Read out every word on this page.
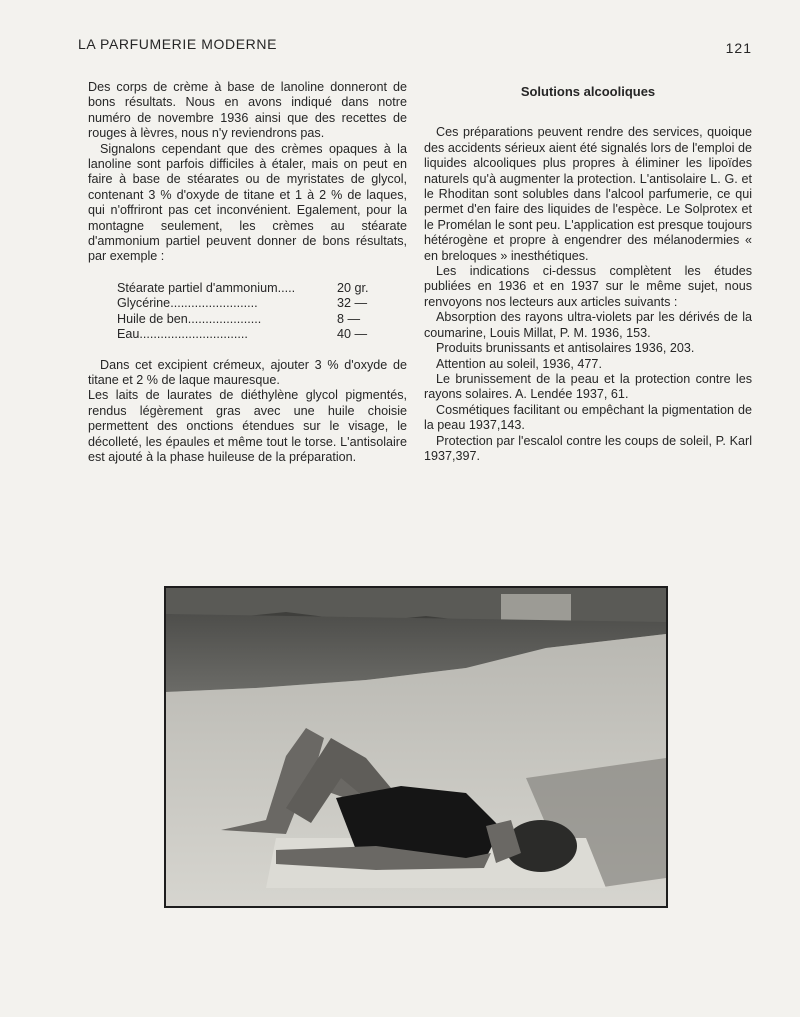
LA PARFUMERIE MODERNE	121

Des corps de crème à base de lanoline donneront de bons résultats. Nous en avons indiqué dans notre numéro de novembre 1936 ainsi que des recettes de rouges à lèvres, nous n'y reviendrons pas.

Signalons cependant que des crèmes opaques à la lanoline sont parfois difficiles à étaler, mais on peut en faire à base de stéarates ou de myristates de glycol, contenant 3 % d'oxyde de titane et 1 à 2 % de laques, qui n'offriront pas cet inconvénient. Egalement, pour la montagne seulement, les crèmes au stéarate d'ammonium partiel peuvent donner de bons résultats, par exemple :

Stéarate partiel d'ammonium.....	20 gr.
Glycérine.........................	32 —
Huile de ben.....................	8 —
Eau...............................	40 —

Dans cet excipient crémeux, ajouter 3 % d'oxyde de titane et 2 % de laque mauresque.

Les laits de laurates de diéthylène glycol pigmentés, rendus légèrement gras avec une huile choisie permettent des onctions étendues sur le visage, le décolleté, les épaules et même tout le torse. L'antisolaire est ajouté à la phase huileuse de la préparation.

Solutions alcooliques

Ces préparations peuvent rendre des services, quoique des accidents sérieux aient été signalés lors de l'emploi de liquides alcooliques plus propres à éliminer les lipoïdes naturels qu'à augmenter la protection. L'antisolaire L. G. et le Rhoditan sont solubles dans l'alcool parfumerie, ce qui permet d'en faire des liquides de l'espèce. Le Solprotex et le Promélan le sont peu. L'application est presque toujours hétérogène et propre à engendrer des mélanodermies « en breloques » inesthétiques.

Les indications ci-dessus complètent les études publiées en 1936 et en 1937 sur le même sujet, nous renvoyons nos lecteurs aux articles suivants :

Absorption des rayons ultra-violets par les dérivés de la coumarine, Louis Millat, P. M. 1936, 153.

Produits brunissants et antisolaires 1936, 203.

Attention au soleil, 1936, 477.

Le brunissement de la peau et la protection contre les rayons solaires. A. Lendée 1937, 61.

Cosmétiques facilitant ou empêchant la pigmentation de la peau 1937,143.

Protection par l'escalol contre les coups de soleil, P. Karl 1937,397.
